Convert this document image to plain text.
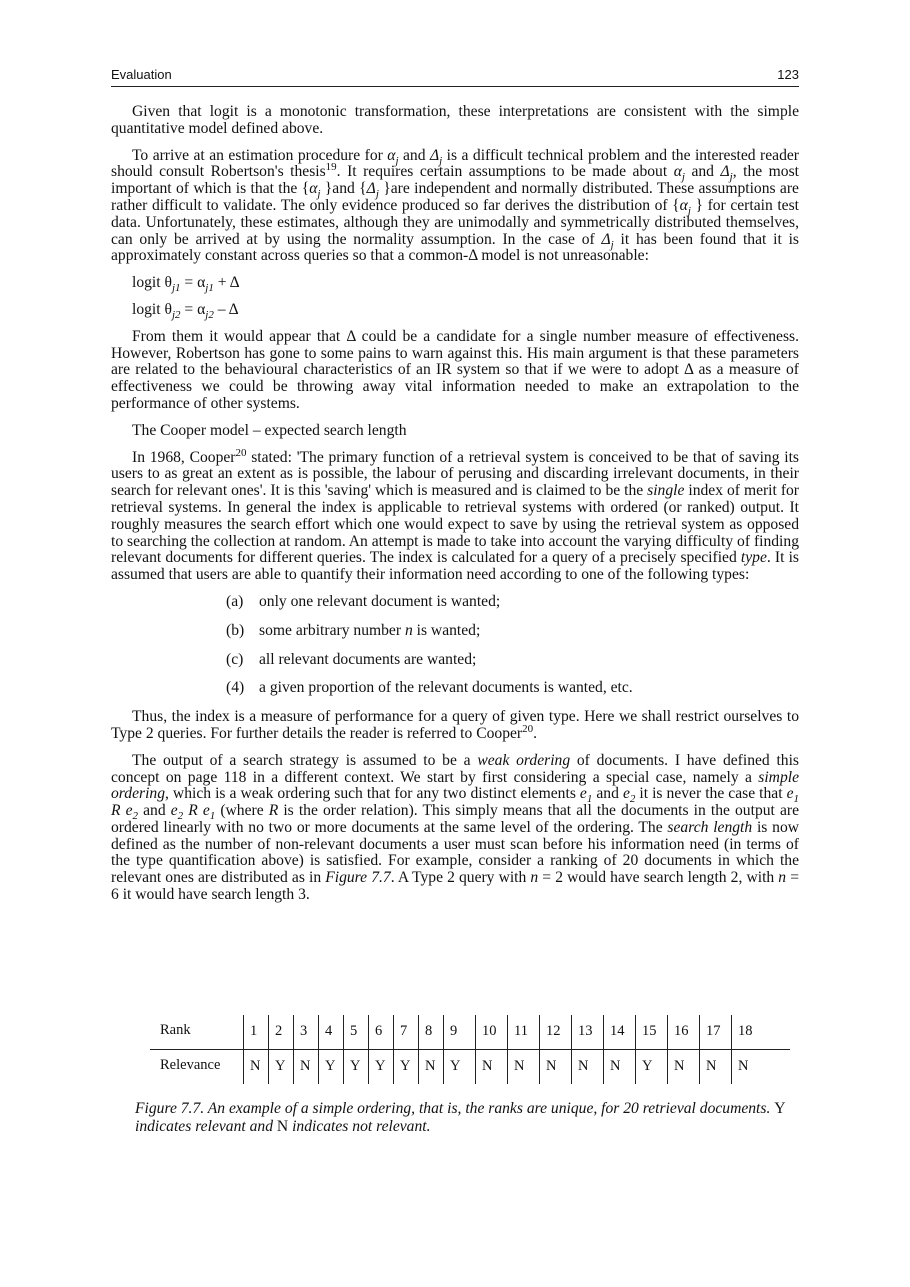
Evaluation	123

Given that logit is a monotonic transformation, these interpretations are consistent with the simple quantitative model defined above.

To arrive at an estimation procedure for $\alpha_j$ and $\Delta_j$ is a difficult technical problem and the interested reader should consult Robertson's thesis$^{19}$. It requires certain assumptions to be made about $\alpha_j$ and $\Delta_j$, the most important of which is that the {$\alpha_j$ }and {$\Delta_j$ }are independent and normally distributed. These assumptions are rather difficult to validate. The only evidence produced so far derives the distribution of {$\alpha_j$ } for certain test data. Unfortunately, these estimates, although they are unimodally and symmetrically distributed themselves, can only be arrived at by using the normality assumption. In the case of $\Delta_j$ it has been found that it is approximately constant across queries so that a common-Δ model is not unreasonable:

logit $\theta_{j1} = \alpha_{j1} + \Delta$
logit $\theta_{j2} = \alpha_{j2} - \Delta$

From them it would appear that Δ could be a candidate for a single number measure of effectiveness. However, Robertson has gone to some pains to warn against this. His main argument is that these parameters are related to the behavioural characteristics of an IR system so that if we were to adopt Δ as a measure of effectiveness we could be throwing away vital information needed to make an extrapolation to the performance of other systems.

The Cooper model – expected search length

In 1968, Cooper$^{20}$ stated: 'The primary function of a retrieval system is conceived to be that of saving its users to as great an extent as is possible, the labour of perusing and discarding irrelevant documents, in their search for relevant ones'. It is this 'saving' which is measured and is claimed to be the single index of merit for retrieval systems. In general the index is applicable to retrieval systems with ordered (or ranked) output. It roughly measures the search effort which one would expect to save by using the retrieval system as opposed to searching the collection at random. An attempt is made to take into account the varying difficulty of finding relevant documents for different queries. The index is calculated for a query of a precisely specified type. It is assumed that users are able to quantify their information need according to one of the following types:

(a) only one relevant document is wanted;
(b) some arbitrary number n is wanted;
(c) all relevant documents are wanted;
(4) a given proportion of the relevant documents is wanted, etc.

Thus, the index is a measure of performance for a query of given type. Here we shall restrict ourselves to Type 2 queries. For further details the reader is referred to Cooper$^{20}$.

The output of a search strategy is assumed to be a weak ordering of documents. I have defined this concept on page 118 in a different context. We start by first considering a special case, namely a simple ordering, which is a weak ordering such that for any two distinct elements $e_1$ and $e_2$ it is never the case that $e_1$ R $e_2$ and $e_2$ R $e_1$ (where R is the order relation). This simply means that all the documents in the output are ordered linearly with no two or more documents at the same level of the ordering. The search length is now defined as the number of non-relevant documents a user must scan before his information need (in terms of the type quantification above) is satisfied. For example, consider a ranking of 20 documents in which the relevant ones are distributed as in Figure 7.7. A Type 2 query with n = 2 would have search length 2, with n = 6 it would have search length 3.

Rank	1 2 3 4 5 6 7 8 9 10 11 12 13 14 15 16 17 18
Relevance N Y N Y Y Y Y N Y N N N N N Y N N N
Figure 7.7. An example of a simple ordering, that is, the ranks are unique, for 20 retrieval documents. Y indicates relevant and N indicates not relevant.
